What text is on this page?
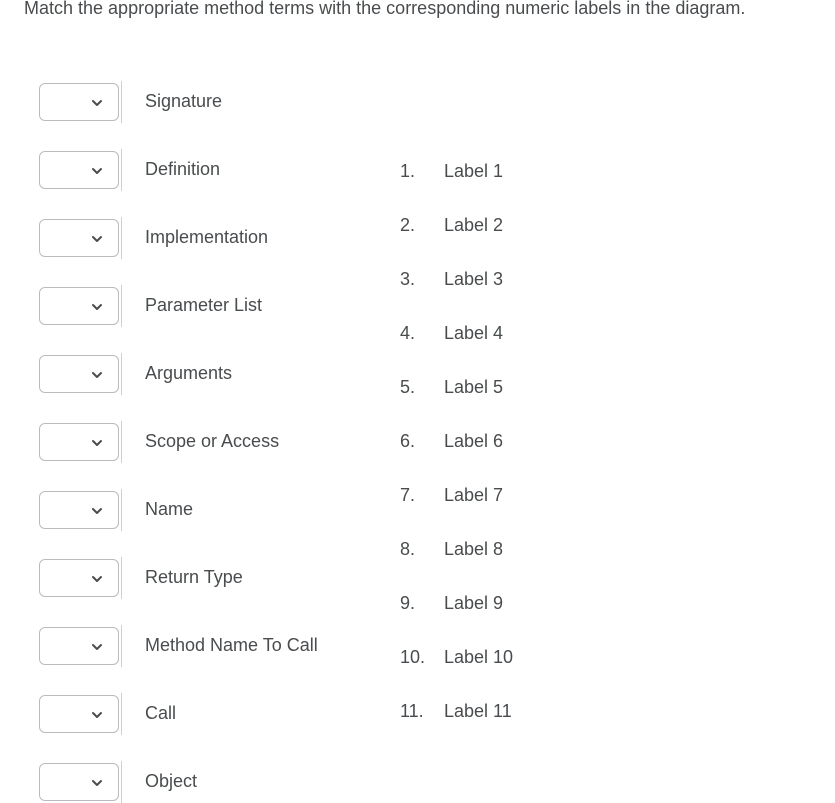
Match the appropriate method terms with the corresponding numeric labels in the diagram.
Signature
Definition
Implementation
Parameter List
Arguments
Scope or Access
Name
Return Type
Method Name To Call
Call
Object
1. Label 1
2. Label 2
3. Label 3
4. Label 4
5. Label 5
6. Label 6
7. Label 7
8. Label 8
9. Label 9
10. Label 10
11. Label 11
